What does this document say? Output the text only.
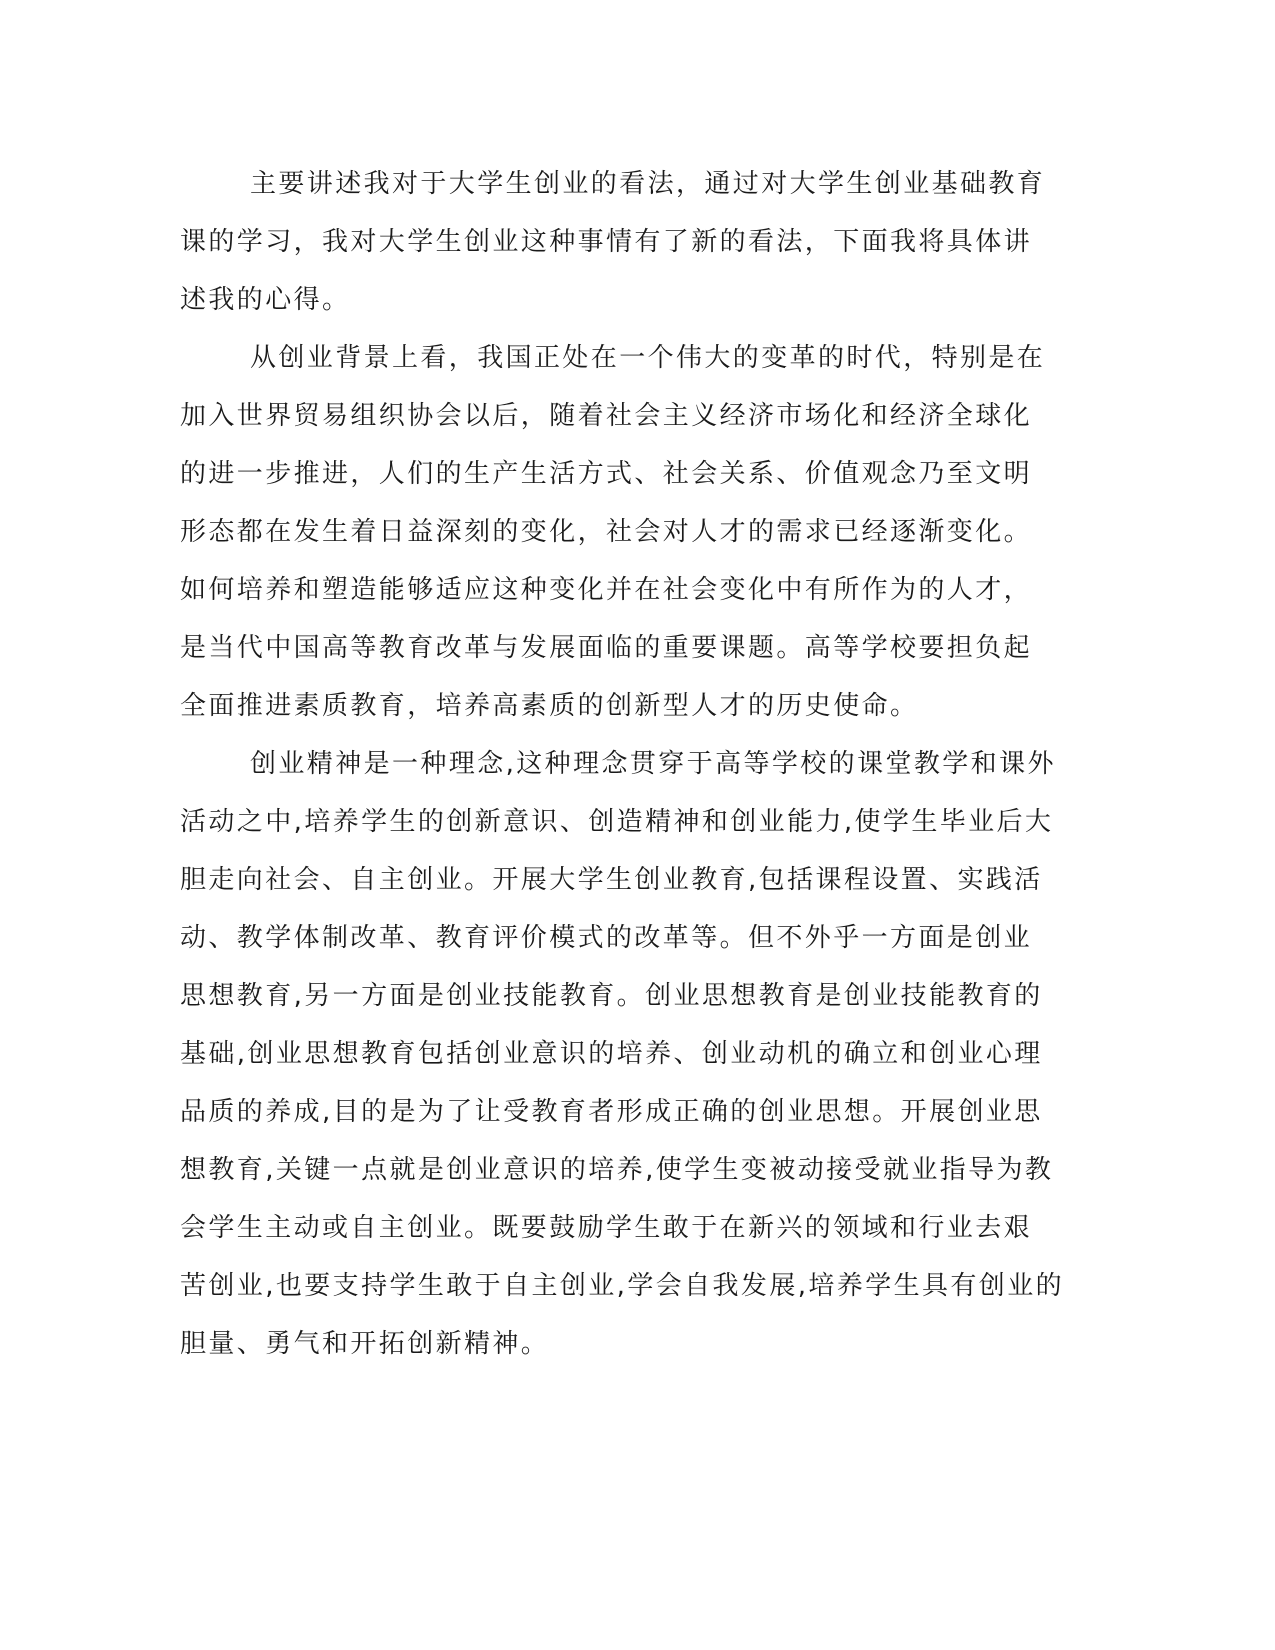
主要讲述我对于大学生创业的看法，通过对大学生创业基础教育
课的学习，我对大学生创业这种事情有了新的看法，下面我将具体讲
述我的心得。
从创业背景上看，我国正处在一个伟大的变革的时代，特别是在
加入世界贸易组织协会以后，随着社会主义经济市场化和经济全球化
的进一步推进，人们的生产生活方式、社会关系、价值观念乃至文明
形态都在发生着日益深刻的变化，社会对人才的需求已经逐渐变化。
如何培养和塑造能够适应这种变化并在社会变化中有所作为的人才，
是当代中国高等教育改革与发展面临的重要课题。高等学校要担负起
全面推进素质教育，培养高素质的创新型人才的历史使命。
创业精神是一种理念,这种理念贯穿于高等学校的课堂教学和课外
活动之中,培养学生的创新意识、创造精神和创业能力,使学生毕业后大
胆走向社会、自主创业。开展大学生创业教育,包括课程设置、实践活
动、教学体制改革、教育评价模式的改革等。但不外乎一方面是创业
思想教育,另一方面是创业技能教育。创业思想教育是创业技能教育的
基础,创业思想教育包括创业意识的培养、创业动机的确立和创业心理
品质的养成,目的是为了让受教育者形成正确的创业思想。开展创业思
想教育,关键一点就是创业意识的培养,使学生变被动接受就业指导为教
会学生主动或自主创业。既要鼓励学生敢于在新兴的领域和行业去艰
苦创业,也要支持学生敢于自主创业,学会自我发展,培养学生具有创业的
胆量、勇气和开拓创新精神。
